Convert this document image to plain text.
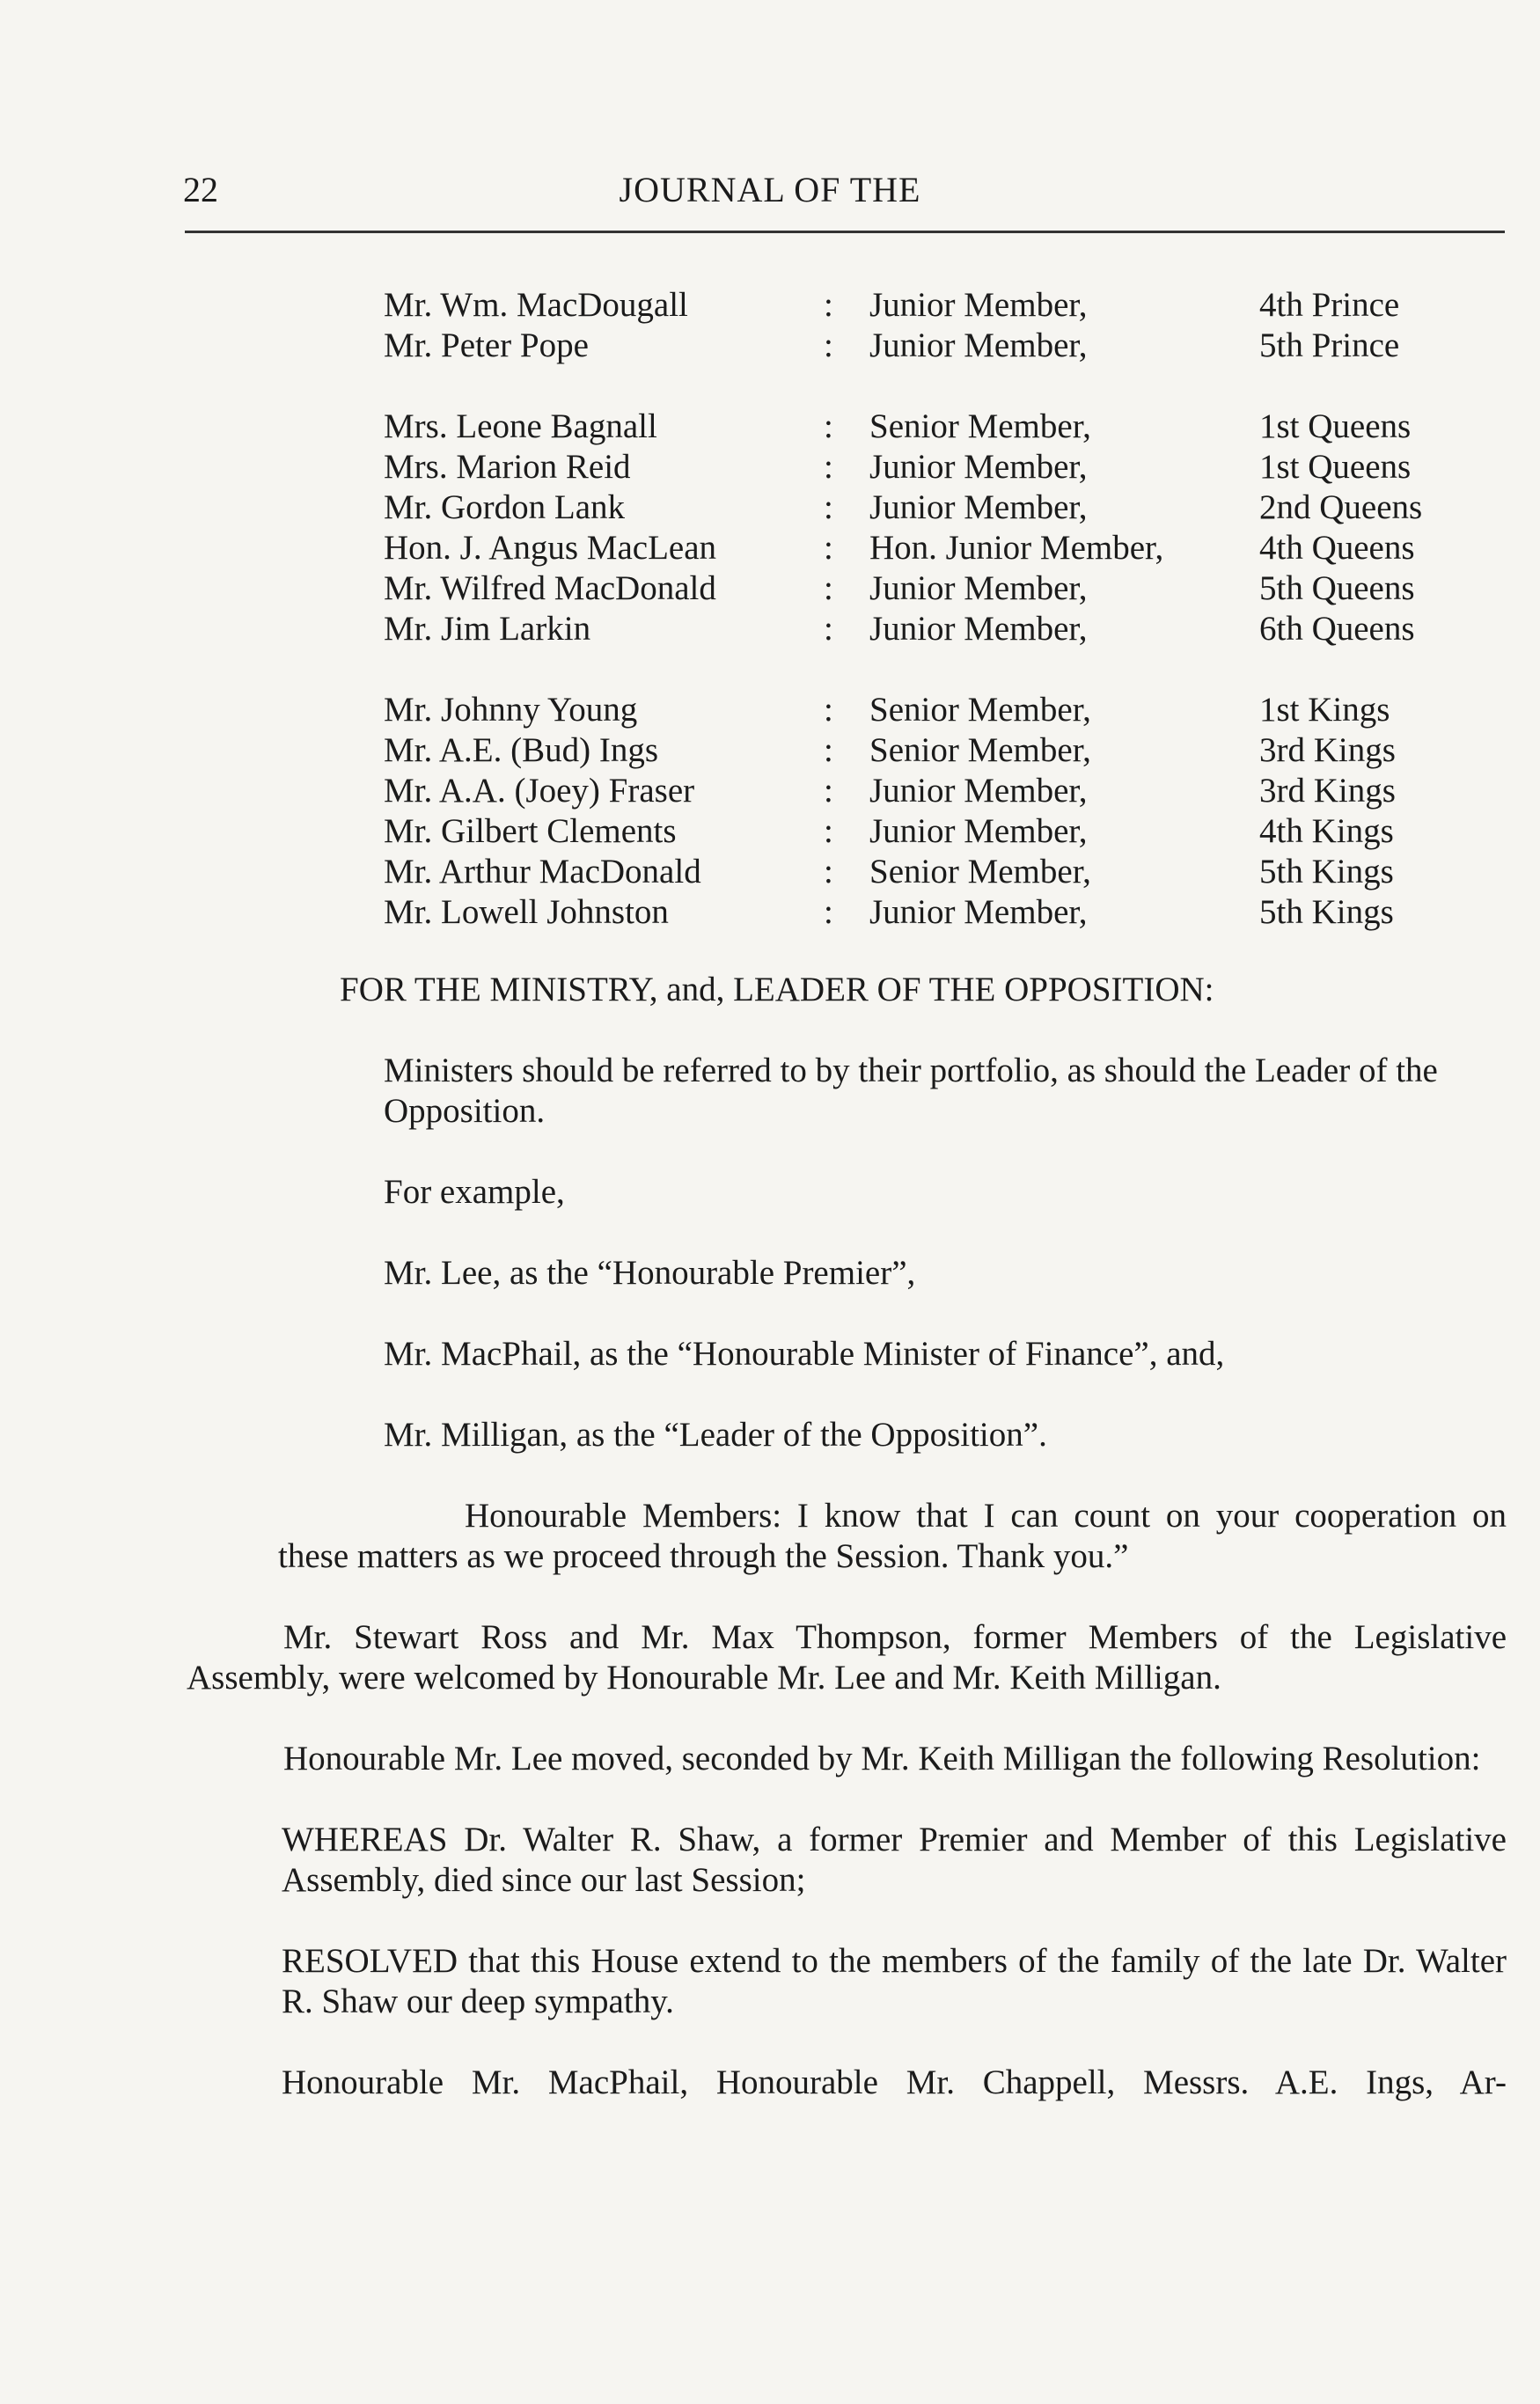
22	JOURNAL OF THE
Mr. Wm. MacDougall	:	Junior Member,	4th Prince
Mr. Peter Pope	:	Junior Member,	5th Prince
Mrs. Leone Bagnall	:	Senior Member,	1st Queens
Mrs. Marion Reid	:	Junior Member,	1st Queens
Mr. Gordon Lank	:	Junior Member,	2nd Queens
Hon. J. Angus MacLean	:	Hon. Junior Member,	4th Queens
Mr. Wilfred MacDonald	:	Junior Member,	5th Queens
Mr. Jim Larkin	:	Junior Member,	6th Queens
Mr. Johnny Young	:	Senior Member,	1st Kings
Mr. A.E. (Bud) Ings	:	Senior Member,	3rd Kings
Mr. A.A. (Joey) Fraser	:	Junior Member,	3rd Kings
Mr. Gilbert Clements	:	Junior Member,	4th Kings
Mr. Arthur MacDonald	:	Senior Member,	5th Kings
Mr. Lowell Johnston	:	Junior Member,	5th Kings

FOR THE MINISTRY, and, LEADER OF THE OPPOSITION:

Ministers should be referred to by their portfolio, as should the Leader of the Opposition.

For example,

Mr. Lee, as the “Honourable Premier”,

Mr. MacPhail, as the “Honourable Minister of Finance”, and,

Mr. Milligan, as the “Leader of the Opposition”.

Honourable Members: I know that I can count on your cooperation on these matters as we proceed through the Session. Thank you.”

Mr. Stewart Ross and Mr. Max Thompson, former Members of the Legislative Assembly, were welcomed by Honourable Mr. Lee and Mr. Keith Milligan.

Honourable Mr. Lee moved, seconded by Mr. Keith Milligan the following Resolution:

WHEREAS Dr. Walter R. Shaw, a former Premier and Member of this Legislative Assembly, died since our last Session;

RESOLVED that this House extend to the members of the family of the late Dr. Walter R. Shaw our deep sympathy.

Honourable Mr. MacPhail, Honourable Mr. Chappell, Messrs. A.E. Ings, Ar-
